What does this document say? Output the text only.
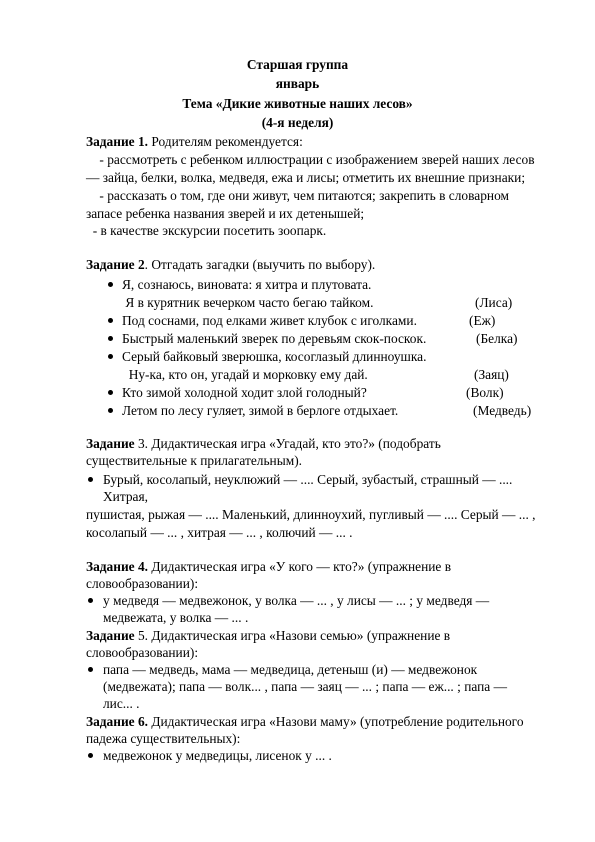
Старшая группа
январь
Тема «Дикие животные наших лесов»
(4-я неделя)
Задание 1. Родителям рекомендуется:
- рассмотреть с ребенком иллюстрации с изображением зверей наших лесов
— зайца, белки, волка, медведя, ежа и лисы; отметить их внешние признаки;
- рассказать о том, где они живут, чем питаются; закрепить в словарном
запасе ребенка названия зверей и их детенышей;
- в качестве экскурсии посетить зоопарк.
Задание 2. Отгадать загадки (выучить по выбору).
Я, сознаюсь, виновата: я хитра и плутовата.
Я в курятник вечерком часто бегаю тайком.	(Лиса)
Под соснами, под елками живет клубок с иголками.	(Еж)
Быстрый маленький зверек по деревьям скок-поскок.	(Белка)
Серый байковый зверюшка, косоглазый длинноушка.
Ну-ка, кто он, угадай и морковку ему дай.	(Заяц)
Кто зимой холодной ходит злой голодный?	(Волк)
Летом по лесу гуляет, зимой в берлоге отдыхает.	(Медведь)
Задание 3. Дидактическая игра «Угадай, кто это?» (подобрать
существительные к прилагательным).
Бурый, косолапый, неуклюжий — .... Серый, зубастый, страшный — ....
Хитрая,
пушистая, рыжая — .... Маленький, длинноухий, пугливый — .... Серый — ... ,
косолапый — ... , хитрая — ... , колючий — ... .
Задание 4. Дидактическая игра «У кого — кто?» (упражнение в
словообразовании):
у медведя — медвежонок, у волка — ... , у лисы — ... ; у медведя —
медвежата, у волка — ... .
Задание 5. Дидактическая игра «Назови семью» (упражнение в
словообразовании):
папа — медведь, мама — медведица, детеныш (и) — медвежонок
(медвежата); папа — волк... , папа — заяц — ... ; папа — еж... ; папа —
лис... .
Задание 6. Дидактическая игра «Назови маму» (употребление родительного
падежа существительных):
медвежонок у медведицы, лисенок у ... .
